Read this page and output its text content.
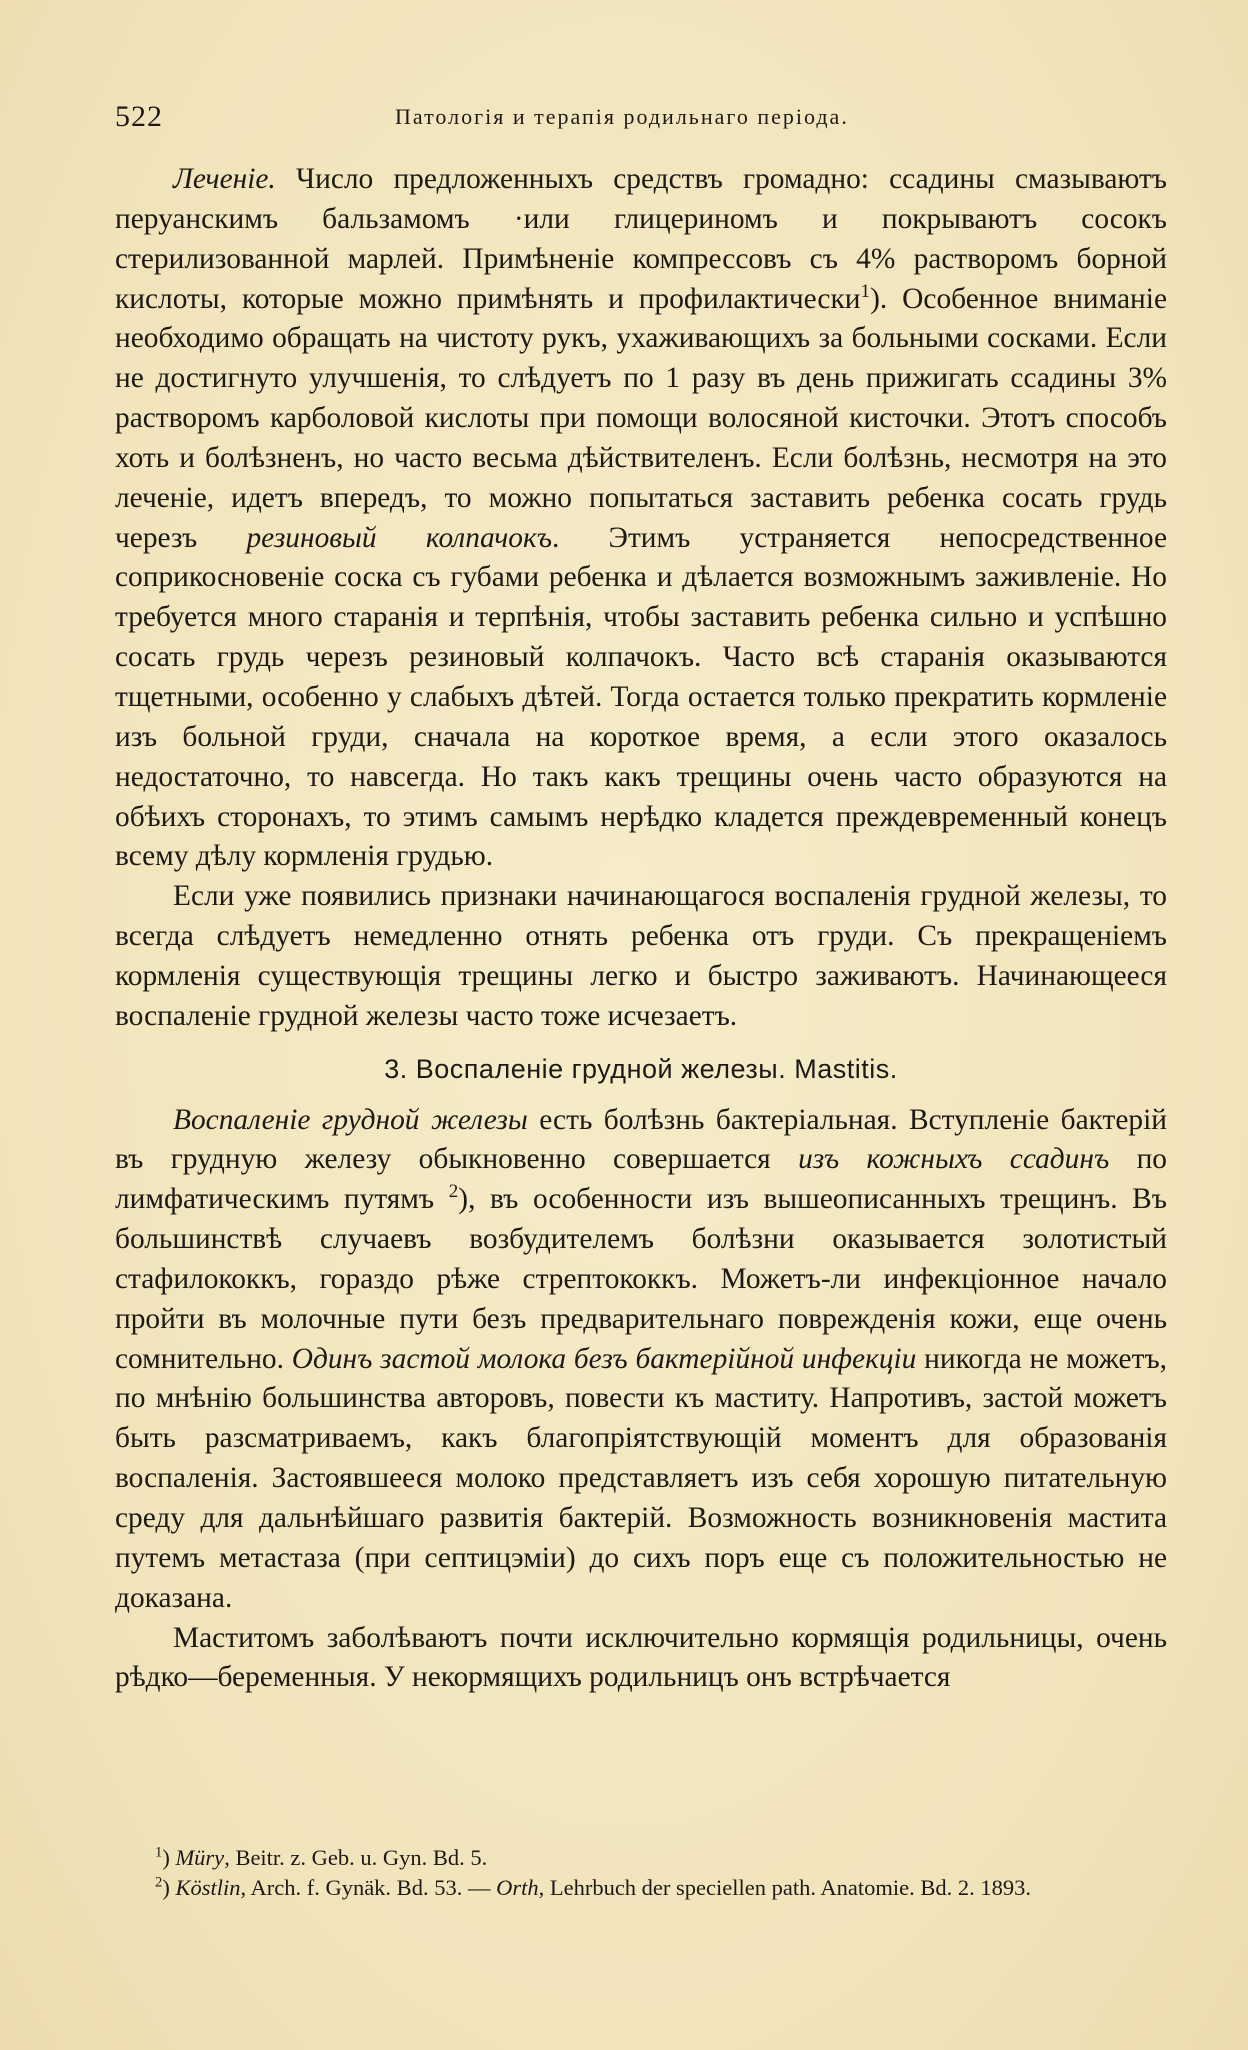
522	Патологія и терапія родильнаго періода.

Леченіе. Число предложенныхъ средствъ громадно: ссадины смазываютъ перуанскимъ бальзамомъ ·или глицериномъ и покрываютъ сосокъ стерилизованной марлей. Примѣненіе компрессовъ съ 4% растворомъ борной кислоты, которые можно примѣнять и профилактически$^1$). Особенное вниманіе необходимо обращать на чистоту рукъ, ухаживающихъ за больными сосками. Если не достигнуто улучшенія, то слѣдуетъ по 1 разу въ день прижигать ссадины 3% растворомъ карболовой кислоты при помощи волосяной кисточки. Этотъ способъ хоть и болѣзненъ, но часто весьма дѣйствителенъ. Если болѣзнь, несмотря на это леченіе, идетъ впередъ, то можно попытаться заставить ребенка сосать грудь черезъ резиновый колпачокъ. Этимъ устраняется непосредственное соприкосновеніе соска съ губами ребенка и дѣлается возможнымъ заживленіе. Но требуется много старанія и терпѣнія, чтобы заставить ребенка сильно и успѣшно сосать грудь черезъ резиновый колпачокъ. Часто всѣ старанія оказываются тщетными, особенно у слабыхъ дѣтей. Тогда остается только прекратить кормленіе изъ больной груди, сначала на короткое время, а если этого оказалось недостаточно, то навсегда. Но такъ какъ трещины очень часто образуются на обѣихъ сторонахъ, то этимъ самымъ нерѣдко кладется преждевременный конецъ всему дѣлу кормленія грудью.

Если уже появились признаки начинающагося воспаленія грудной железы, то всегда слѣдуетъ немедленно отнять ребенка отъ груди. Съ прекращеніемъ кормленія существующія трещины легко и быстро заживаютъ. Начинающееся воспаленіе грудной железы часто тоже исчезаетъ.

3. Воспаленіе грудной железы. Mastitis.

Воспаленіе грудной железы есть болѣзнь бактеріальная. Вступленіе бактерій въ грудную железу обыкновенно совершается изъ кожныхъ ссадинъ по лимфатическимъ путямъ $^2$), въ особенности изъ вышеописанныхъ трещинъ. Въ большинствѣ случаевъ возбудителемъ болѣзни оказывается золотистый стафилококкъ, гораздо рѣже стрептококкъ. Можетъ-ли инфекціонное начало пройти въ молочные пути безъ предварительнаго поврежденія кожи, еще очень сомнительно. Одинъ застой молока безъ бактерійной инфекціи никогда не можетъ, по мнѣнію большинства авторовъ, повести къ маститу. Напротивъ, застой можетъ быть разсматриваемъ, какъ благопріятствующій моментъ для образованія воспаленія. Застоявшееся молоко представляетъ изъ себя хорошую питательную среду для дальнѣйшаго развитія бактерій. Возможность возникновенія мастита путемъ метастаза (при септицэміи) до сихъ поръ еще съ положительностью не доказана.

Маститомъ заболѣваютъ почти исключительно кормящія родильницы, очень рѣдко—беременныя. У некормящихъ родильницъ онъ встрѣчается

$^1$) Müry, Beitr. z. Geb. u. Gyn. Bd. 5.

$^2$) Köstlin, Arch. f. Gynäk. Bd. 53. — Orth, Lehrbuch der speciellen path. Anatomie. Bd. 2. 1893.
